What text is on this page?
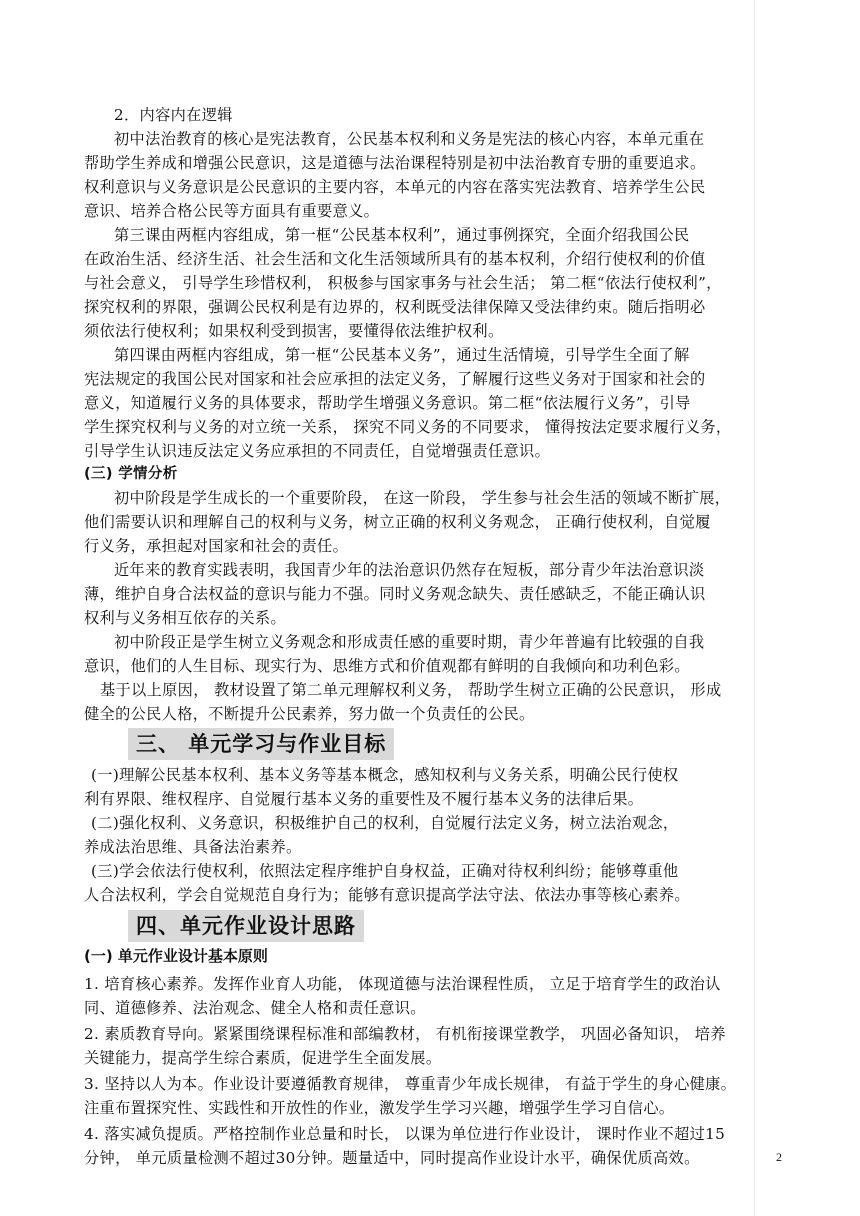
2．内容内在逻辑
初中法治教育的核心是宪法教育，公民基本权利和义务是宪法的核心内容，本单元重在
帮助学生养成和增强公民意识，这是道德与法治课程特别是初中法治教育专册的重要追求。
权利意识与义务意识是公民意识的主要内容，本单元的内容在落实宪法教育、培养学生公民
意识、培养合格公民等方面具有重要意义。
第三课由两框内容组成，第一框“公民基本权利”，通过事例探究，全面介绍我国公民
在政治生活、经济生活、社会生活和文化生活领域所具有的基本权利，介绍行使权利的价值
与社会意义， 引导学生珍惜权利， 积极参与国家事务与社会生活； 第二框“依法行使权利”，
探究权利的界限，强调公民权利是有边界的，权利既受法律保障又受法律约束。随后指明必
须依法行使权利；如果权利受到损害，要懂得依法维护权利。
第四课由两框内容组成，第一框“公民基本义务”，通过生活情境，引导学生全面了解
宪法规定的我国公民对国家和社会应承担的法定义务，了解履行这些义务对于国家和社会的
意义，知道履行义务的具体要求，帮助学生增强义务意识。第二框“依法履行义务”，引导
学生探究权利与义务的对立统一关系， 探究不同义务的不同要求， 懂得按法定要求履行义务，
引导学生认识违反法定义务应承担的不同责任，自觉增强责任意识。
(三) 学情分析
初中阶段是学生成长的一个重要阶段， 在这一阶段， 学生参与社会生活的领域不断扩展，
他们需要认识和理解自己的权利与义务，树立正确的权利义务观念， 正确行使权利，自觉履
行义务，承担起对国家和社会的责任。
近年来的教育实践表明，我国青少年的法治意识仍然存在短板，部分青少年法治意识淡
薄，维护自身合法权益的意识与能力不强。同时义务观念缺失、责任感缺乏，不能正确认识
权利与义务相互依存的关系。
初中阶段正是学生树立义务观念和形成责任感的重要时期，青少年普遍有比较强的自我
意识，他们的人生目标、现实行为、思维方式和价值观都有鲜明的自我倾向和功利色彩。
基于以上原因， 教材设置了第二单元理解权利义务， 帮助学生树立正确的公民意识， 形成
健全的公民人格，不断提升公民素养，努力做一个负责任的公民。
三、 单元学习与作业目标
(一)理解公民基本权利、基本义务等基本概念，感知权利与义务关系，明确公民行使权
利有界限、维权程序、自觉履行基本义务的重要性及不履行基本义务的法律后果。
(二)强化权利、义务意识，积极维护自己的权利，自觉履行法定义务，树立法治观念，
养成法治思维、具备法治素养。
(三)学会依法行使权利，依照法定程序维护自身权益，正确对待权利纠纷；能够尊重他
人合法权利，学会自觉规范自身行为；能够有意识提高学法守法、依法办事等核心素养。
四、单元作业设计思路
(一) 单元作业设计基本原则
1. 培育核心素养。发挥作业育人功能， 体现道德与法治课程性质， 立足于培育学生的政治认
同、道德修养、法治观念、健全人格和责任意识。
2. 素质教育导向。紧紧围绕课程标准和部编教材， 有机衔接课堂教学， 巩固必备知识， 培养
关键能力，提高学生综合素质，促进学生全面发展。
3. 坚持以人为本。作业设计要遵循教育规律， 尊重青少年成长规律， 有益于学生的身心健康。
注重布置探究性、实践性和开放性的作业，激发学生学习兴趣，增强学生学习自信心。
4. 落实减负提质。严格控制作业总量和时长， 以课为单位进行作业设计， 课时作业不超过15
分钟， 单元质量检测不超过30分钟。题量适中，同时提高作业设计水平，确保优质高效。	2
